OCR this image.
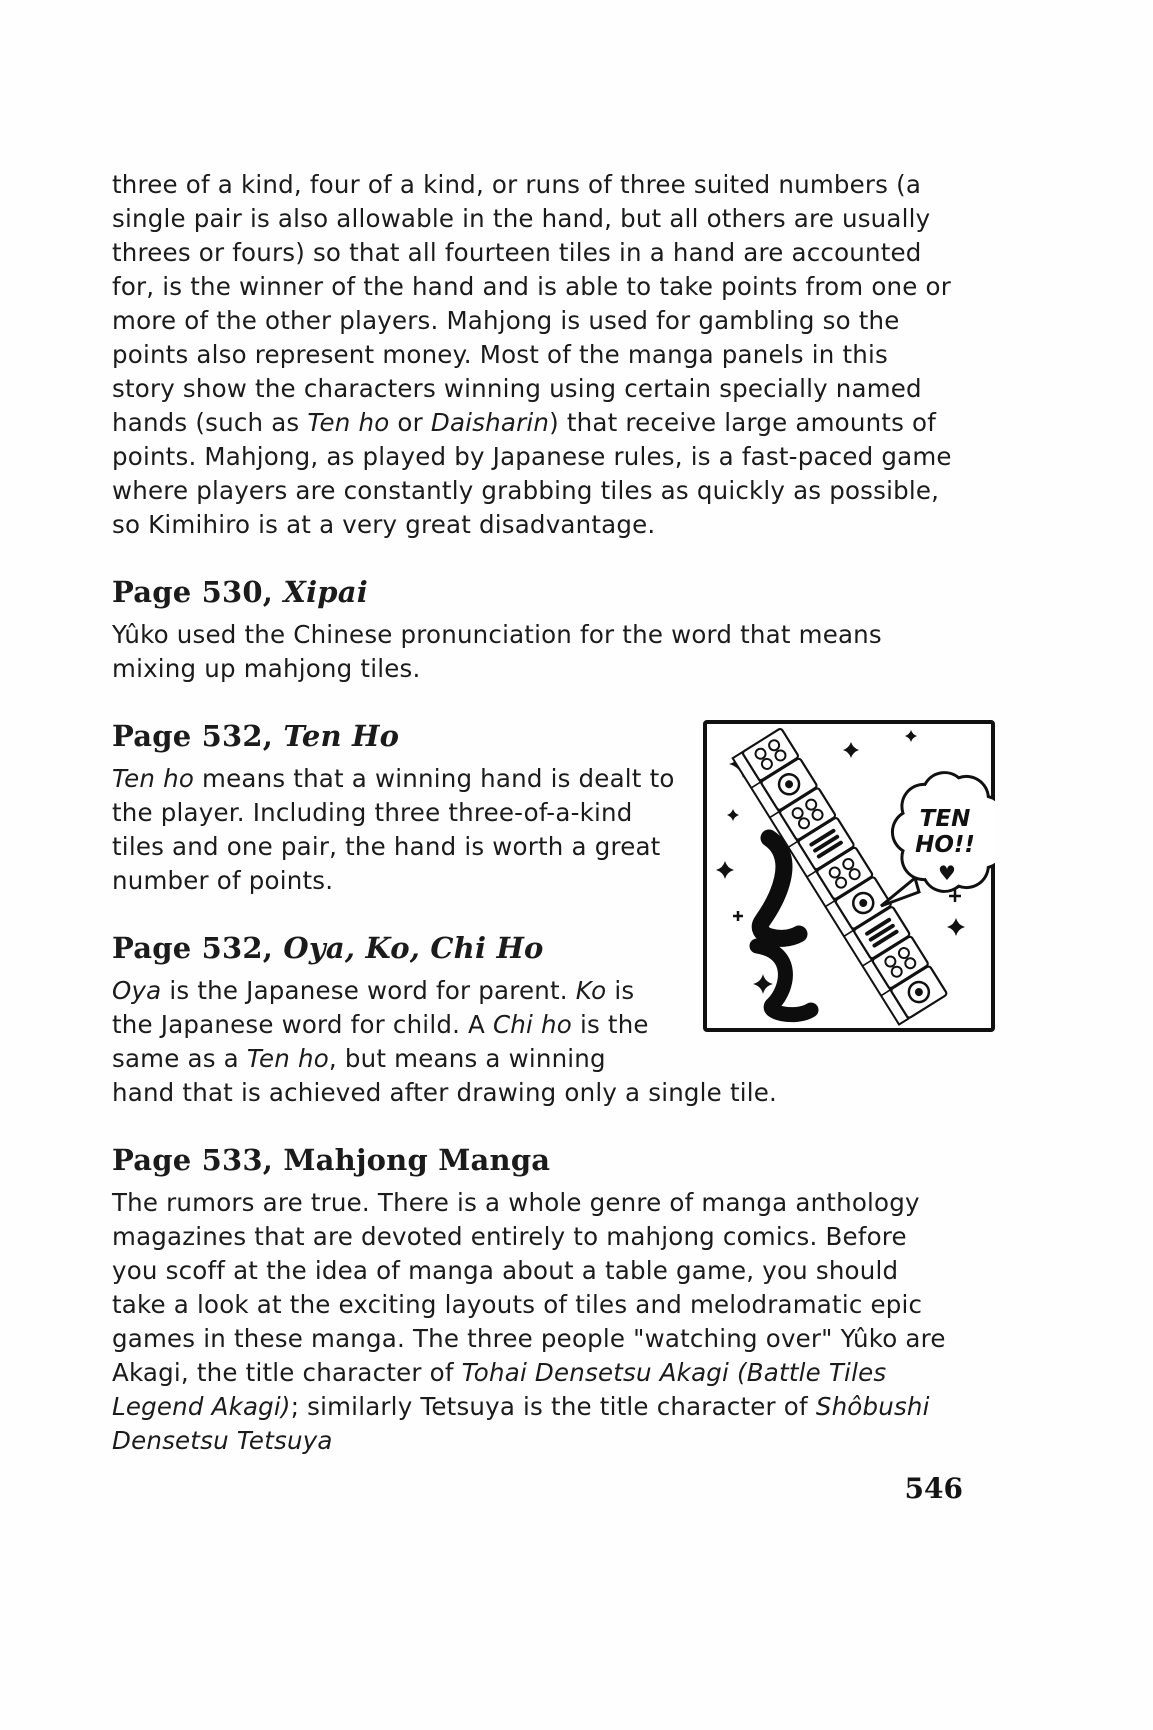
three of a kind, four of a kind, or runs of three suited numbers (a single pair is also allowable in the hand, but all others are usually threes or fours) so that all fourteen tiles in a hand are accounted for, is the winner of the hand and is able to take points from one or more of the other players. Mahjong is used for gambling so the points also represent money. Most of the manga panels in this story show the characters winning using certain specially named hands (such as Ten ho or Daisharin) that receive large amounts of points. Mahjong, as played by Japanese rules, is a fast-paced game where players are constantly grabbing tiles as quickly as possible, so Kimihiro is at a very great disadvantage.

Page 530, Xipai

Yûko used the Chinese pronunciation for the word that means mixing up mahjong tiles.

TEN
HO!!
♥
Page 532, Ten Ho

Ten ho means that a winning hand is dealt to the player. Including three three-of-a-kind tiles and one pair, the hand is worth a great number of points.

Page 532, Oya, Ko, Chi Ho

Oya is the Japanese word for parent. Ko is the Japanese word for child. A Chi ho is the same as a Ten ho, but means a winning hand that is achieved after drawing only a single tile.

Page 533, Mahjong Manga

The rumors are true. There is a whole genre of manga anthology magazines that are devoted entirely to mahjong comics. Before you scoff at the idea of manga about a table game, you should take a look at the exciting layouts of tiles and melodramatic epic games in these manga. The three people "watching over" Yûko are Akagi, the title character of Tohai Densetsu Akagi (Battle Tiles Legend Akagi); similarly Tetsuya is the title character of Shôbushi Densetsu Tetsuya

546
